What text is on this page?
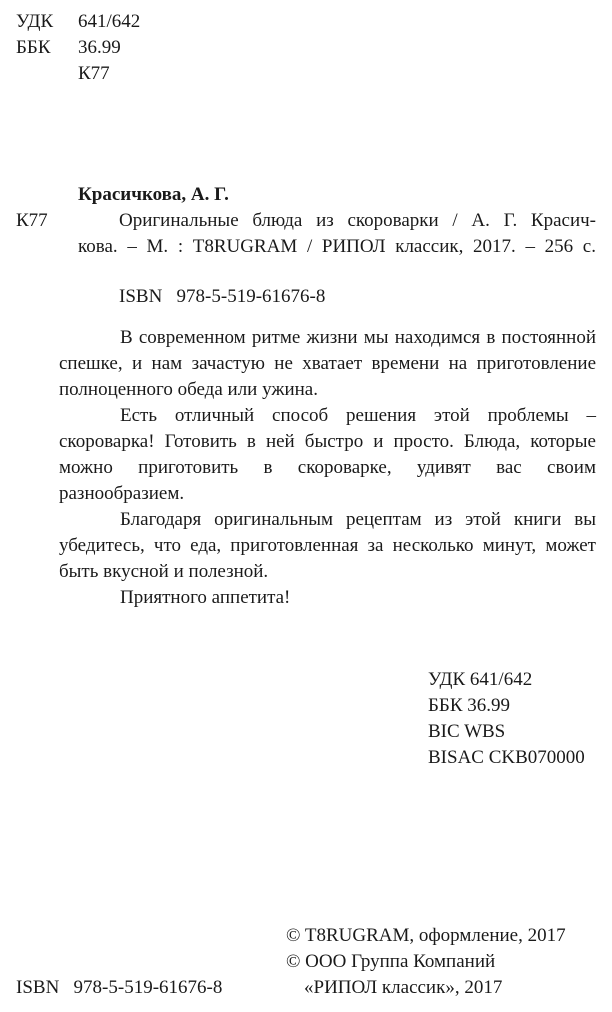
УДК	641/642
ББК	36.99
К77
Красичкова, А. Г.
К77	Оригинальные блюда из скороварки / А. Г. Красич-
кова. – М. : T8RUGRAM / РИПОЛ классик, 2017. – 256 с.
ISBN 978-5-519-61676-8

В современном ритме жизни мы находимся в постоянной спешке, и нам зачастую не хватает времени на приготовление полноценного обеда или ужина.

Есть отличный способ решения этой проблемы – скороварка! Готовить в ней быстро и просто. Блюда, которые можно приготовить в скороварке, удивят вас своим разнообразием.

Благодаря оригинальным рецептам из этой книги вы убедитесь, что еда, приготовленная за несколько минут, может быть вкусной и полезной.

Приятного аппетита!

УДК 641/642
ББК 36.99
BIC WBS
BISAC CKB070000
ISBN 978-5-519-61676-8
© T8RUGRAM, оформление, 2017
© ООО Группа Компаний
«РИПОЛ классик», 2017
